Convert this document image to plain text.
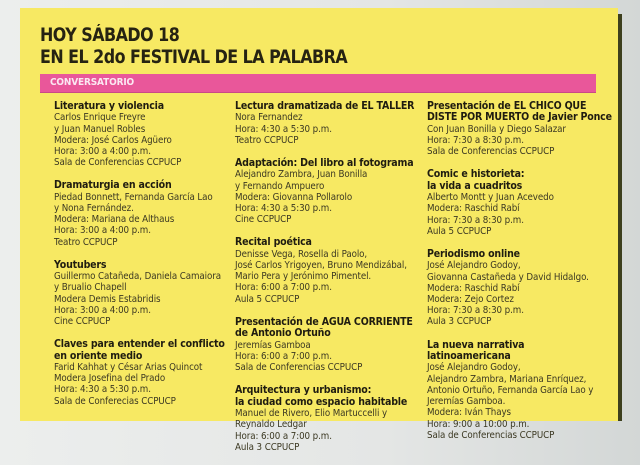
HOY SÁBADO 18
EN EL 2do FESTIVAL DE LA PALABRA
CONVERSATORIO
Literatura y violencia
Carlos Enrique Freyre
y Juan Manuel Robles
Modera: José Carlos Agüero
Hora: 3:00 a 4:00 p.m.
Sala de Conferencias CCPUCP
Dramaturgia en acción
Piedad Bonnett, Fernanda García Lao
y Nona Fernández.
Modera: Mariana de Althaus
Hora: 3:00 a 4:00 p.m.
Teatro CCPUCP
Youtubers
Guillermo Catañeda, Daniela Camaiora
y Brualio Chapell
Modera Demis Estabridis
Hora: 3:00 a 4:00 p.m.
Cine CCPUCP
Claves para entender el conflicto
en oriente medio
Farid Kahhat y César Arias Quincot
Modera Josefina del Prado
Hora: 4:30 a 5:30 p.m.
Sala de Conferecias CCPUCP
Lectura dramatizada de EL TALLER
Nora Fernandez
Hora: 4:30 a 5:30 p.m.
Teatro CCPUCP
Adaptación: Del libro al fotograma
Alejandro Zambra, Juan Bonilla
y Fernando Ampuero
Modera: Giovanna Pollarolo
Hora: 4:30 a 5:30 p.m.
Cine CCPUCP
Recital poética
Denisse Vega, Rosella di Paolo,
José Carlos Yrigoyen, Bruno Mendizábal,
Mario Pera y Jerónimo Pimentel.
Hora: 6:00 a 7:00 p.m.
Aula 5 CCPUCP
Presentación de AGUA CORRIENTE
de Antonio Ortuño
Jeremías Gamboa
Hora: 6:00 a 7:00 p.m.
Sala de Conferencias CCPUCP
Arquitectura y urbanismo:
la ciudad como espacio habitable
Manuel de Rivero, Elio Martuccelli y
Reynaldo Ledgar
Hora: 6:00 a 7:00 p.m.
Aula 3 CCPUCP
Presentación de EL CHICO QUE
DISTE POR MUERTO de Javier Ponce
Con Juan Bonilla y Diego Salazar
Hora: 7:30 a 8:30 p.m.
Sala de Conferencias CCPUCP
Comic e historieta:
la vida a cuadritos
Alberto Montt y Juan Acevedo
Modera: Raschid Rabí
Hora: 7:30 a 8:30 p.m.
Aula 5 CCPUCP
Periodismo online
José Alejandro Godoy,
Giovanna Castañeda y David Hidalgo.
Modera: Raschid Rabí
Modera: Zejo Cortez
Hora: 7:30 a 8:30 p.m.
Aula 3 CCPUCP
La nueva narrativa
latinoamericana
José Alejandro Godoy,
Alejandro Zambra, Mariana Enríquez,
Antonio Ortuño, Fernanda García Lao y
Jeremías Gamboa.
Modera: Iván Thays
Hora: 9:00 a 10:00 p.m.
Sala de Conferencias CCPUCP
